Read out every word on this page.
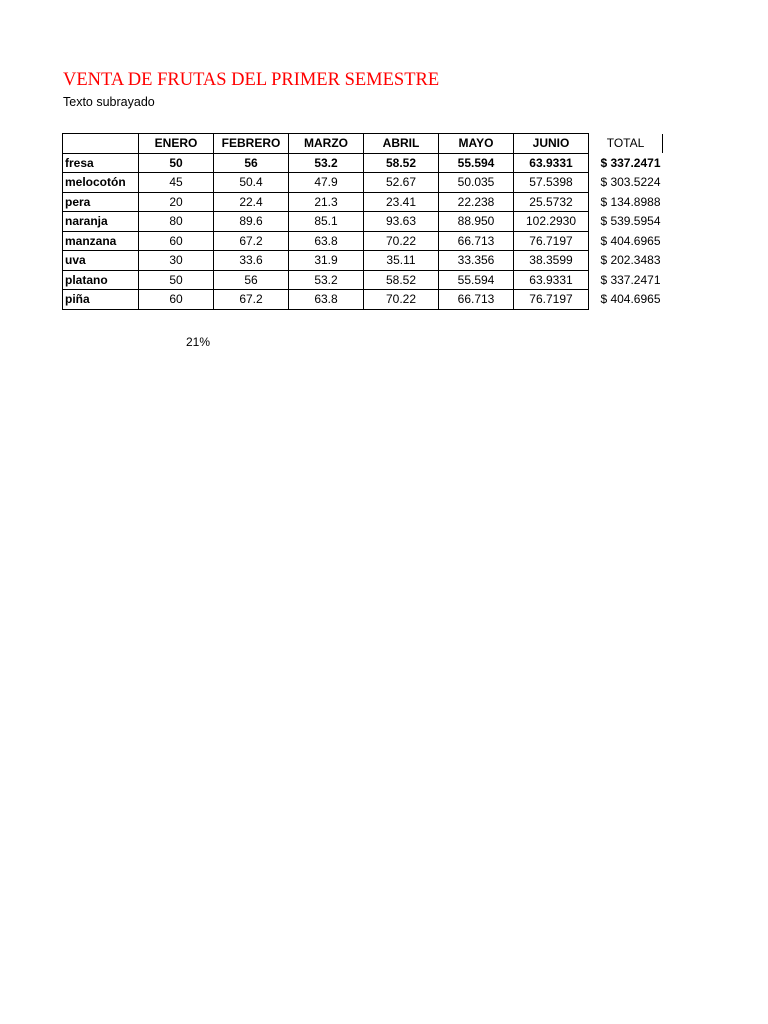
VENTA DE FRUTAS DEL PRIMER SEMESTRE
Texto subrayado
	ENERO	FEBRERO	MARZO	ABRIL	MAYO	JUNIO	TOTAL
fresa	50	56	53.2	58.52	55.594	63.9331	$ 337.2471
melocotón	45	50.4	47.9	52.67	50.035	57.5398	$ 303.5224
pera	20	22.4	21.3	23.41	22.238	25.5732	$ 134.8988
naranja	80	89.6	85.1	93.63	88.950	102.2930	$ 539.5954
manzana	60	67.2	63.8	70.22	66.713	76.7197	$ 404.6965
uva	30	33.6	31.9	35.11	33.356	38.3599	$ 202.3483
platano	50	56	53.2	58.52	55.594	63.9331	$ 337.2471
piña	60	67.2	63.8	70.22	66.713	76.7197	$ 404.6965
21%
